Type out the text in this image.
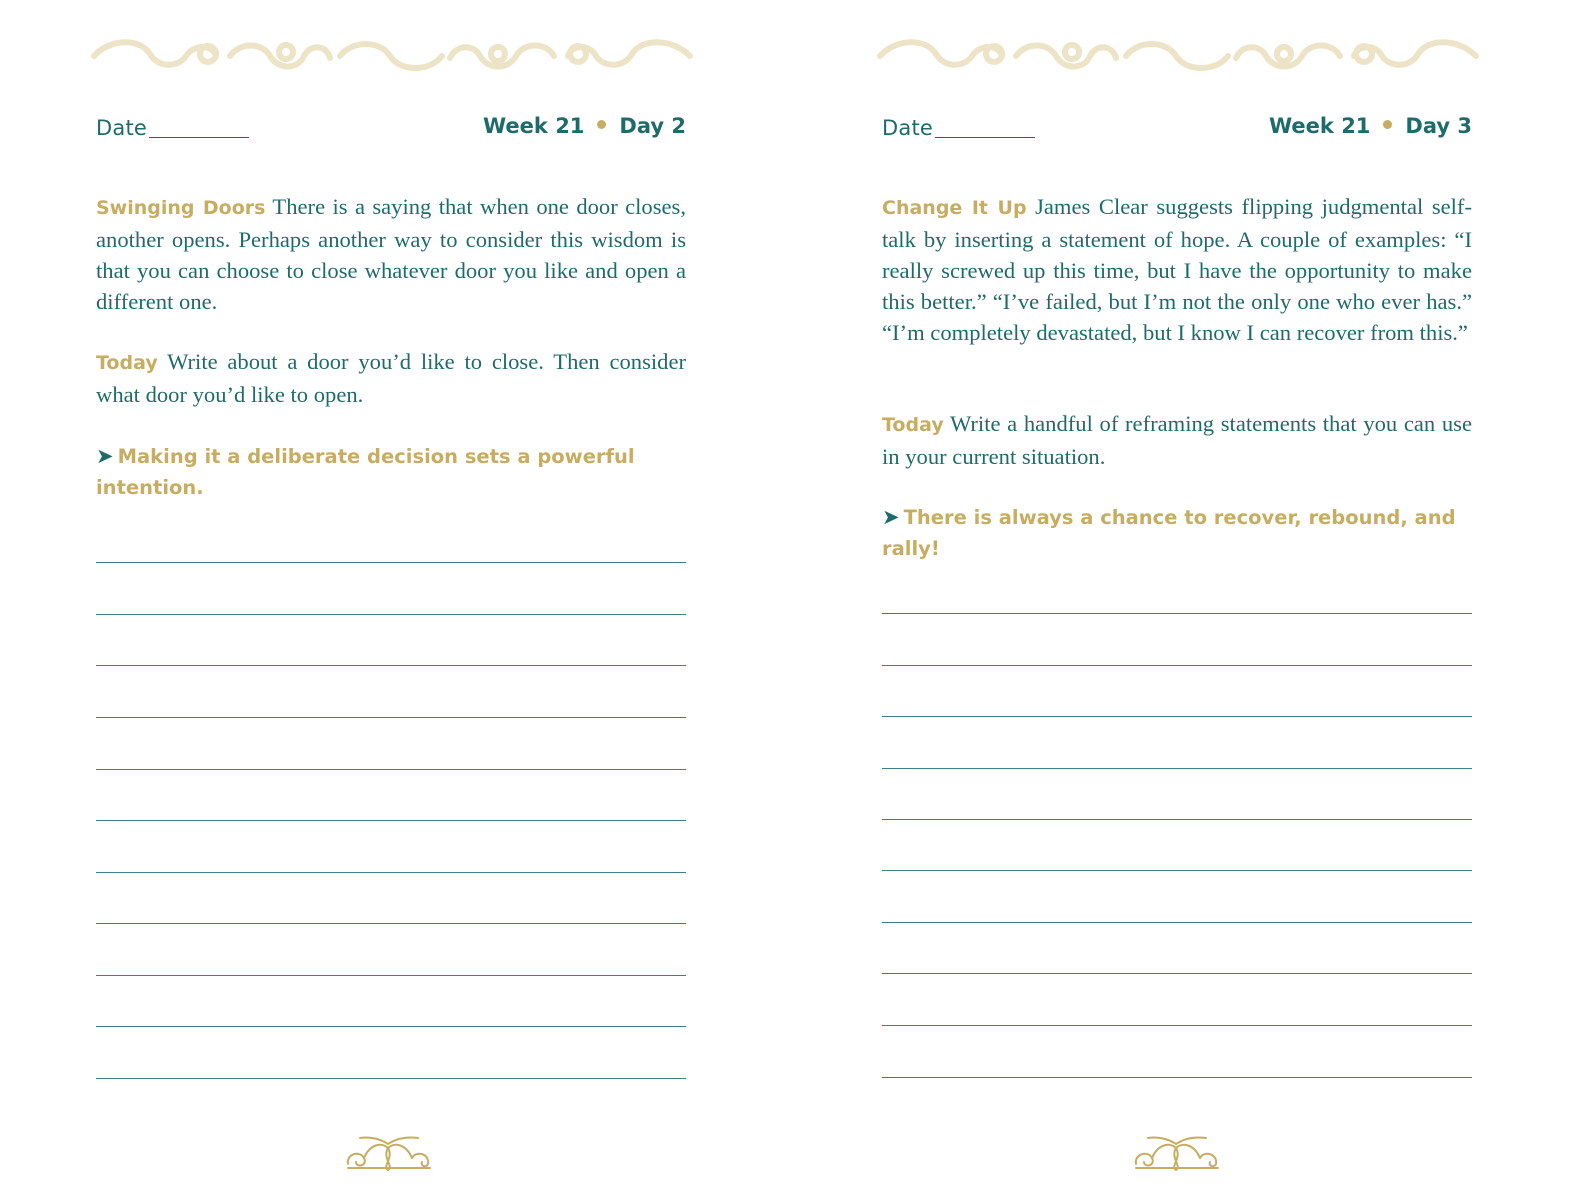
Date	Week 21 Day 2
Swinging Doors There is a saying that when one door closes, another opens. Perhaps another way to consider this wisdom is that you can choose to close whatever door you like and open a different one.
Today Write about a door you’d like to close. Then consider what door you’d like to open.
➤ Making it a deliberate decision sets a powerful intention.
Date	Week 21 Day 3
Change It Up James Clear suggests flipping judgmental self-talk by inserting a statement of hope. A couple of examples: “I really screwed up this time, but I have the opportunity to make this better.” “I’ve failed, but I’m not the only one who ever has.” “I’m completely devastated, but I know I can recover from this.”
Today Write a handful of reframing statements that you can use in your current situation.
➤ There is always a chance to recover, rebound, and rally!
